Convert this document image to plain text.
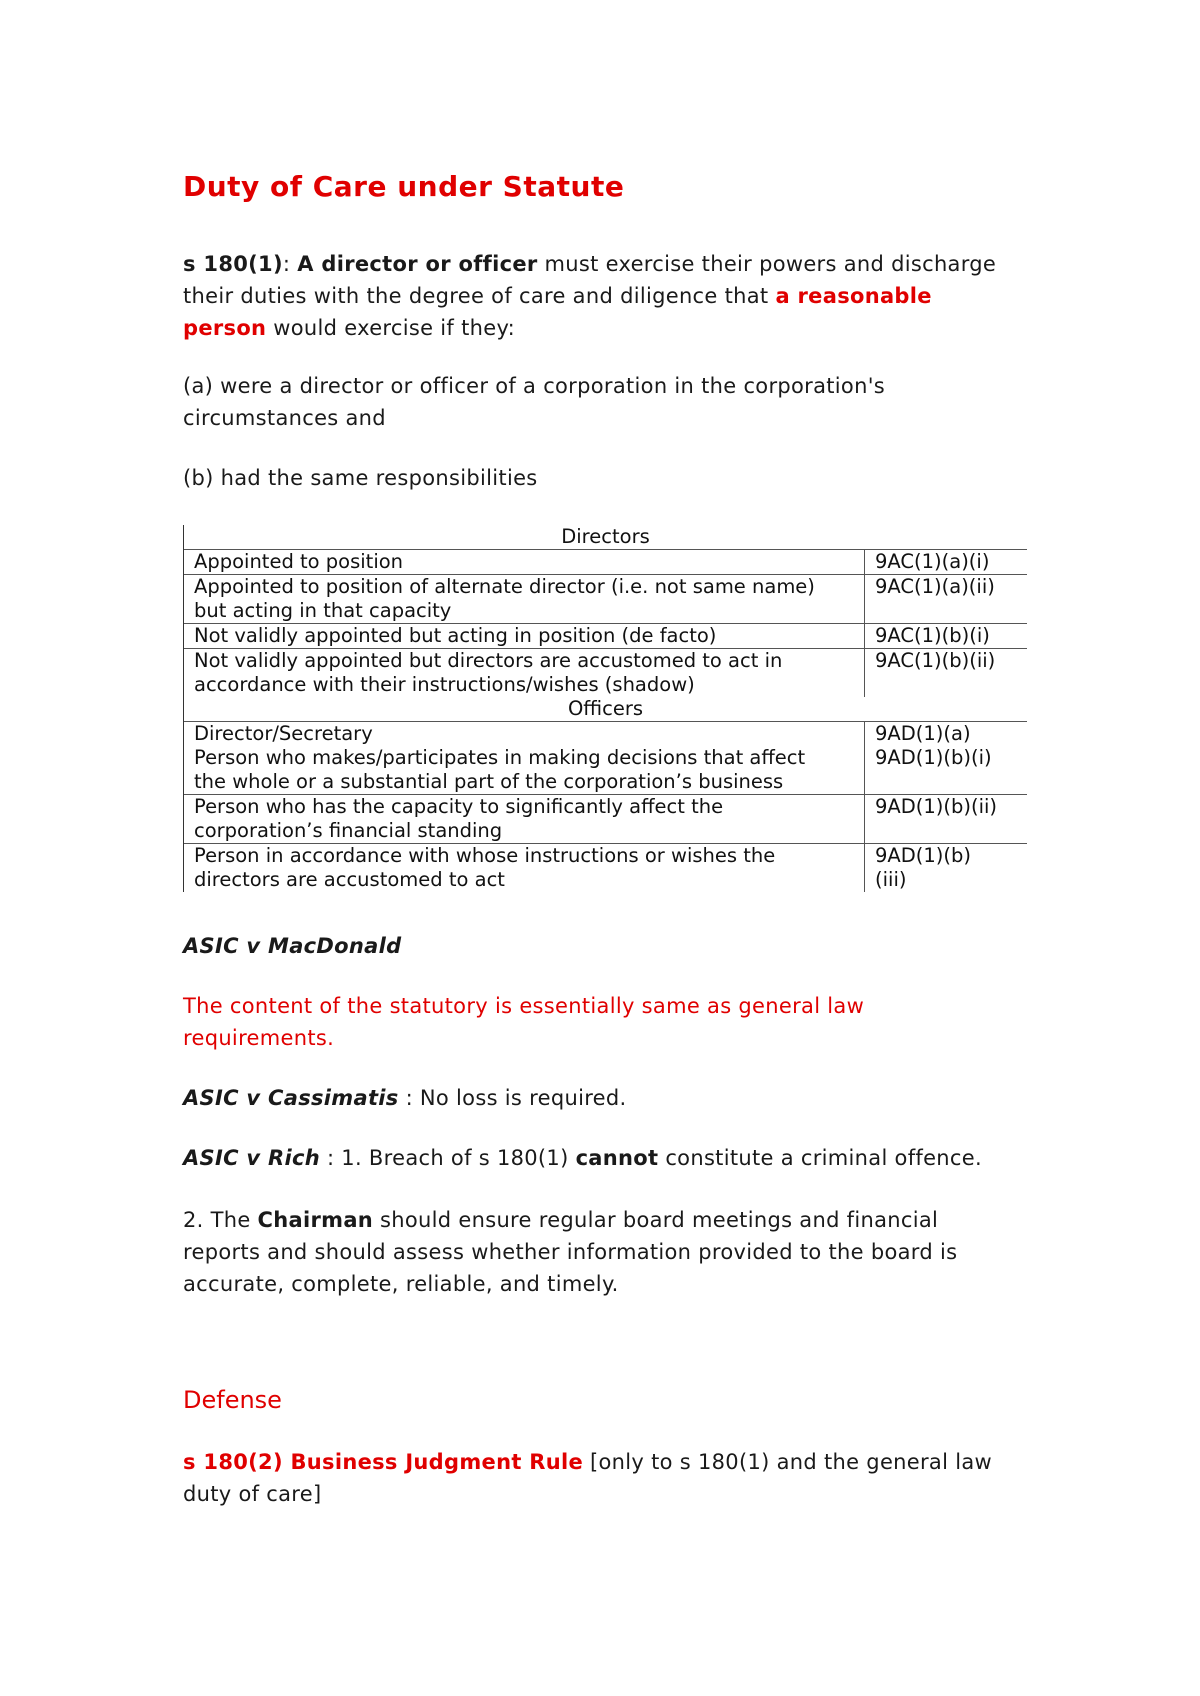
Duty of Care under Statute
s 180(1): A director or officer must exercise their powers and discharge
their duties with the degree of care and diligence that a reasonable
person would exercise if they:
(a) were a director or officer of a corporation in the corporation's
circumstances and
(b) had the same responsibilities
Directors
Appointed to position	9AC(1)(a)(i)
Appointed to position of alternate director (i.e. not same name)
but acting in that capacity
9AC(1)(a)(ii)
Not validly appointed but acting in position (de facto)	9AC(1)(b)(i)
Not validly appointed but directors are accustomed to act in
accordance with their instructions/wishes (shadow)
9AC(1)(b)(ii)
Officers
Director/Secretary
Person who makes/participates in making decisions that affect
the whole or a substantial part of the corporation’s business
9AD(1)(a)
9AD(1)(b)(i)
Person who has the capacity to significantly affect the
corporation’s financial standing
9AD(1)(b)(ii)
Person in accordance with whose instructions or wishes the
directors are accustomed to act
9AD(1)(b)
(iii)
ASIC v MacDonald
The content of the statutory is essentially same as general law
requirements.
ASIC v Cassimatis : No loss is required.
ASIC v Rich : 1. Breach of s 180(1) cannot constitute a criminal offence.
2. The Chairman should ensure regular board meetings and financial
reports and should assess whether information provided to the board is
accurate, complete, reliable, and timely.
Defense
s 180(2) Business Judgment Rule [only to s 180(1) and the general law
duty of care]
